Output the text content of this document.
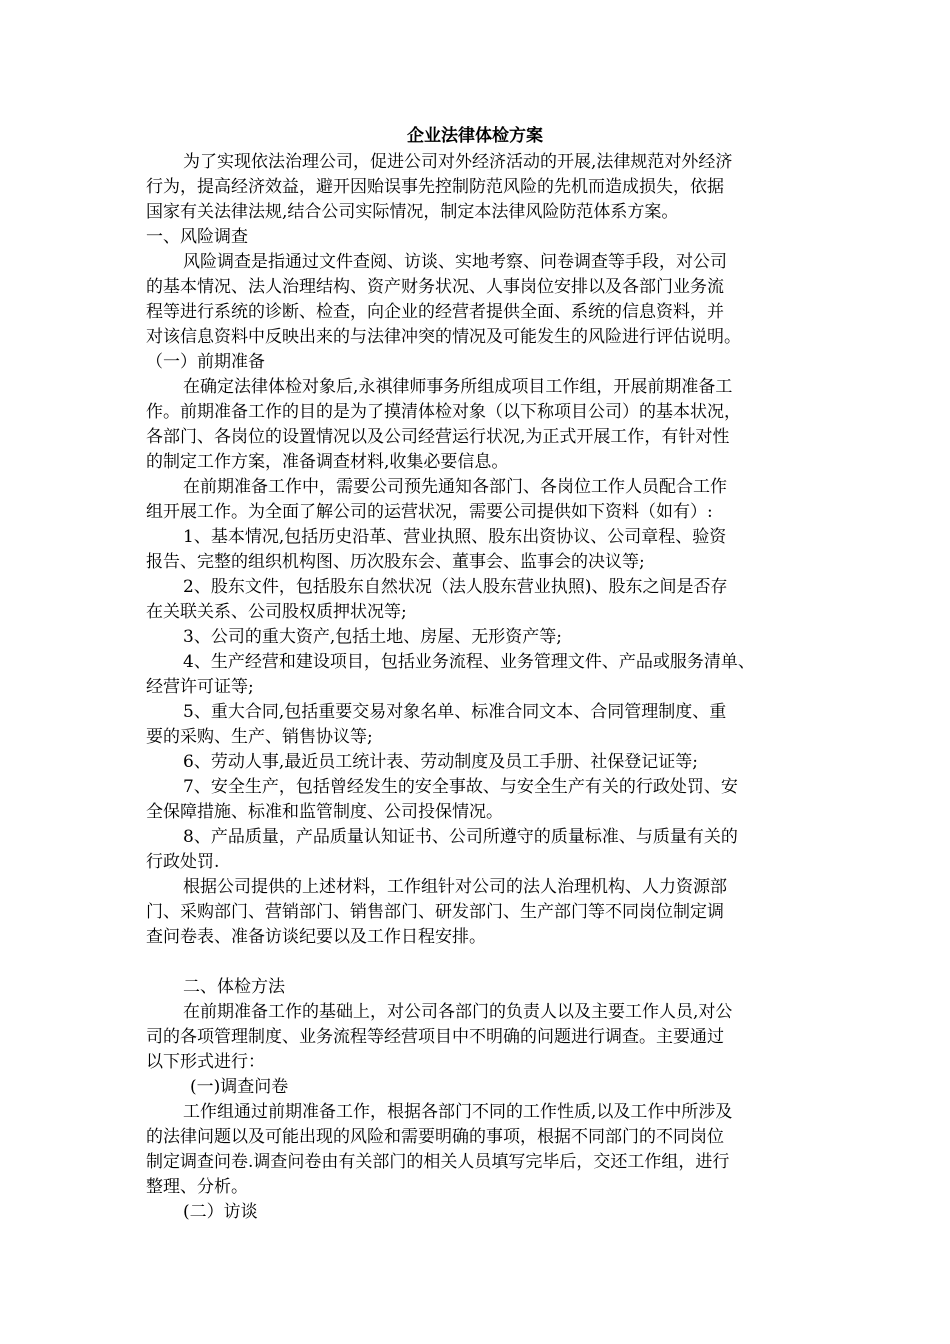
企业法律体检方案
为了实现依法治理公司，促进公司对外经济活动的开展,法律规范对外经济
行为，提高经济效益，避开因贻误事先控制防范风险的先机而造成损失，依据
国家有关法律法规,结合公司实际情况，制定本法律风险防范体系方案。
一、风险调查
风险调查是指通过文件查阅、访谈、实地考察、问卷调查等手段，对公司
的基本情况、法人治理结构、资产财务状况、人事岗位安排以及各部门业务流
程等进行系统的诊断、检查，向企业的经营者提供全面、系统的信息资料，并
对该信息资料中反映出来的与法律冲突的情况及可能发生的风险进行评估说明。
（一）前期准备
在确定法律体检对象后,永祺律师事务所组成项目工作组，开展前期准备工
作。前期准备工作的目的是为了摸清体检对象（以下称项目公司）的基本状况，
各部门、各岗位的设置情况以及公司经营运行状况,为正式开展工作，有针对性
的制定工作方案，准备调查材料,收集必要信息。
在前期准备工作中，需要公司预先通知各部门、各岗位工作人员配合工作
组开展工作。为全面了解公司的运营状况，需要公司提供如下资料（如有）:
1、基本情况,包括历史沿革、营业执照、股东出资协议、公司章程、验资
报告、完整的组织机构图、历次股东会、董事会、监事会的决议等;
2、股东文件，包括股东自然状况（法人股东营业执照)、股东之间是否存
在关联关系、公司股权质押状况等;
3、公司的重大资产,包括土地、房屋、无形资产等;
4、生产经营和建设项目，包括业务流程、业务管理文件、产品或服务清单、
经营许可证等;
5、重大合同,包括重要交易对象名单、标准合同文本、合同管理制度、重
要的采购、生产、销售协议等;
6、劳动人事,最近员工统计表、劳动制度及员工手册、社保登记证等;
7、安全生产，包括曾经发生的安全事故、与安全生产有关的行政处罚、安
全保障措施、标准和监管制度、公司投保情况。
8、产品质量，产品质量认知证书、公司所遵守的质量标准、与质量有关的
行政处罚.
根据公司提供的上述材料，工作组针对公司的法人治理机构、人力资源部
门、采购部门、营销部门、销售部门、研发部门、生产部门等不同岗位制定调
查问卷表、准备访谈纪要以及工作日程安排。
二、体检方法
在前期准备工作的基础上，对公司各部门的负责人以及主要工作人员,对公
司的各项管理制度、业务流程等经营项目中不明确的问题进行调查。主要通过
以下形式进行：
(一)调查问卷
工作组通过前期准备工作，根据各部门不同的工作性质,以及工作中所涉及
的法律问题以及可能出现的风险和需要明确的事项，根据不同部门的不同岗位
制定调查问卷.调查问卷由有关部门的相关人员填写完毕后，交还工作组，进行
整理、分析。
(二）访谈
